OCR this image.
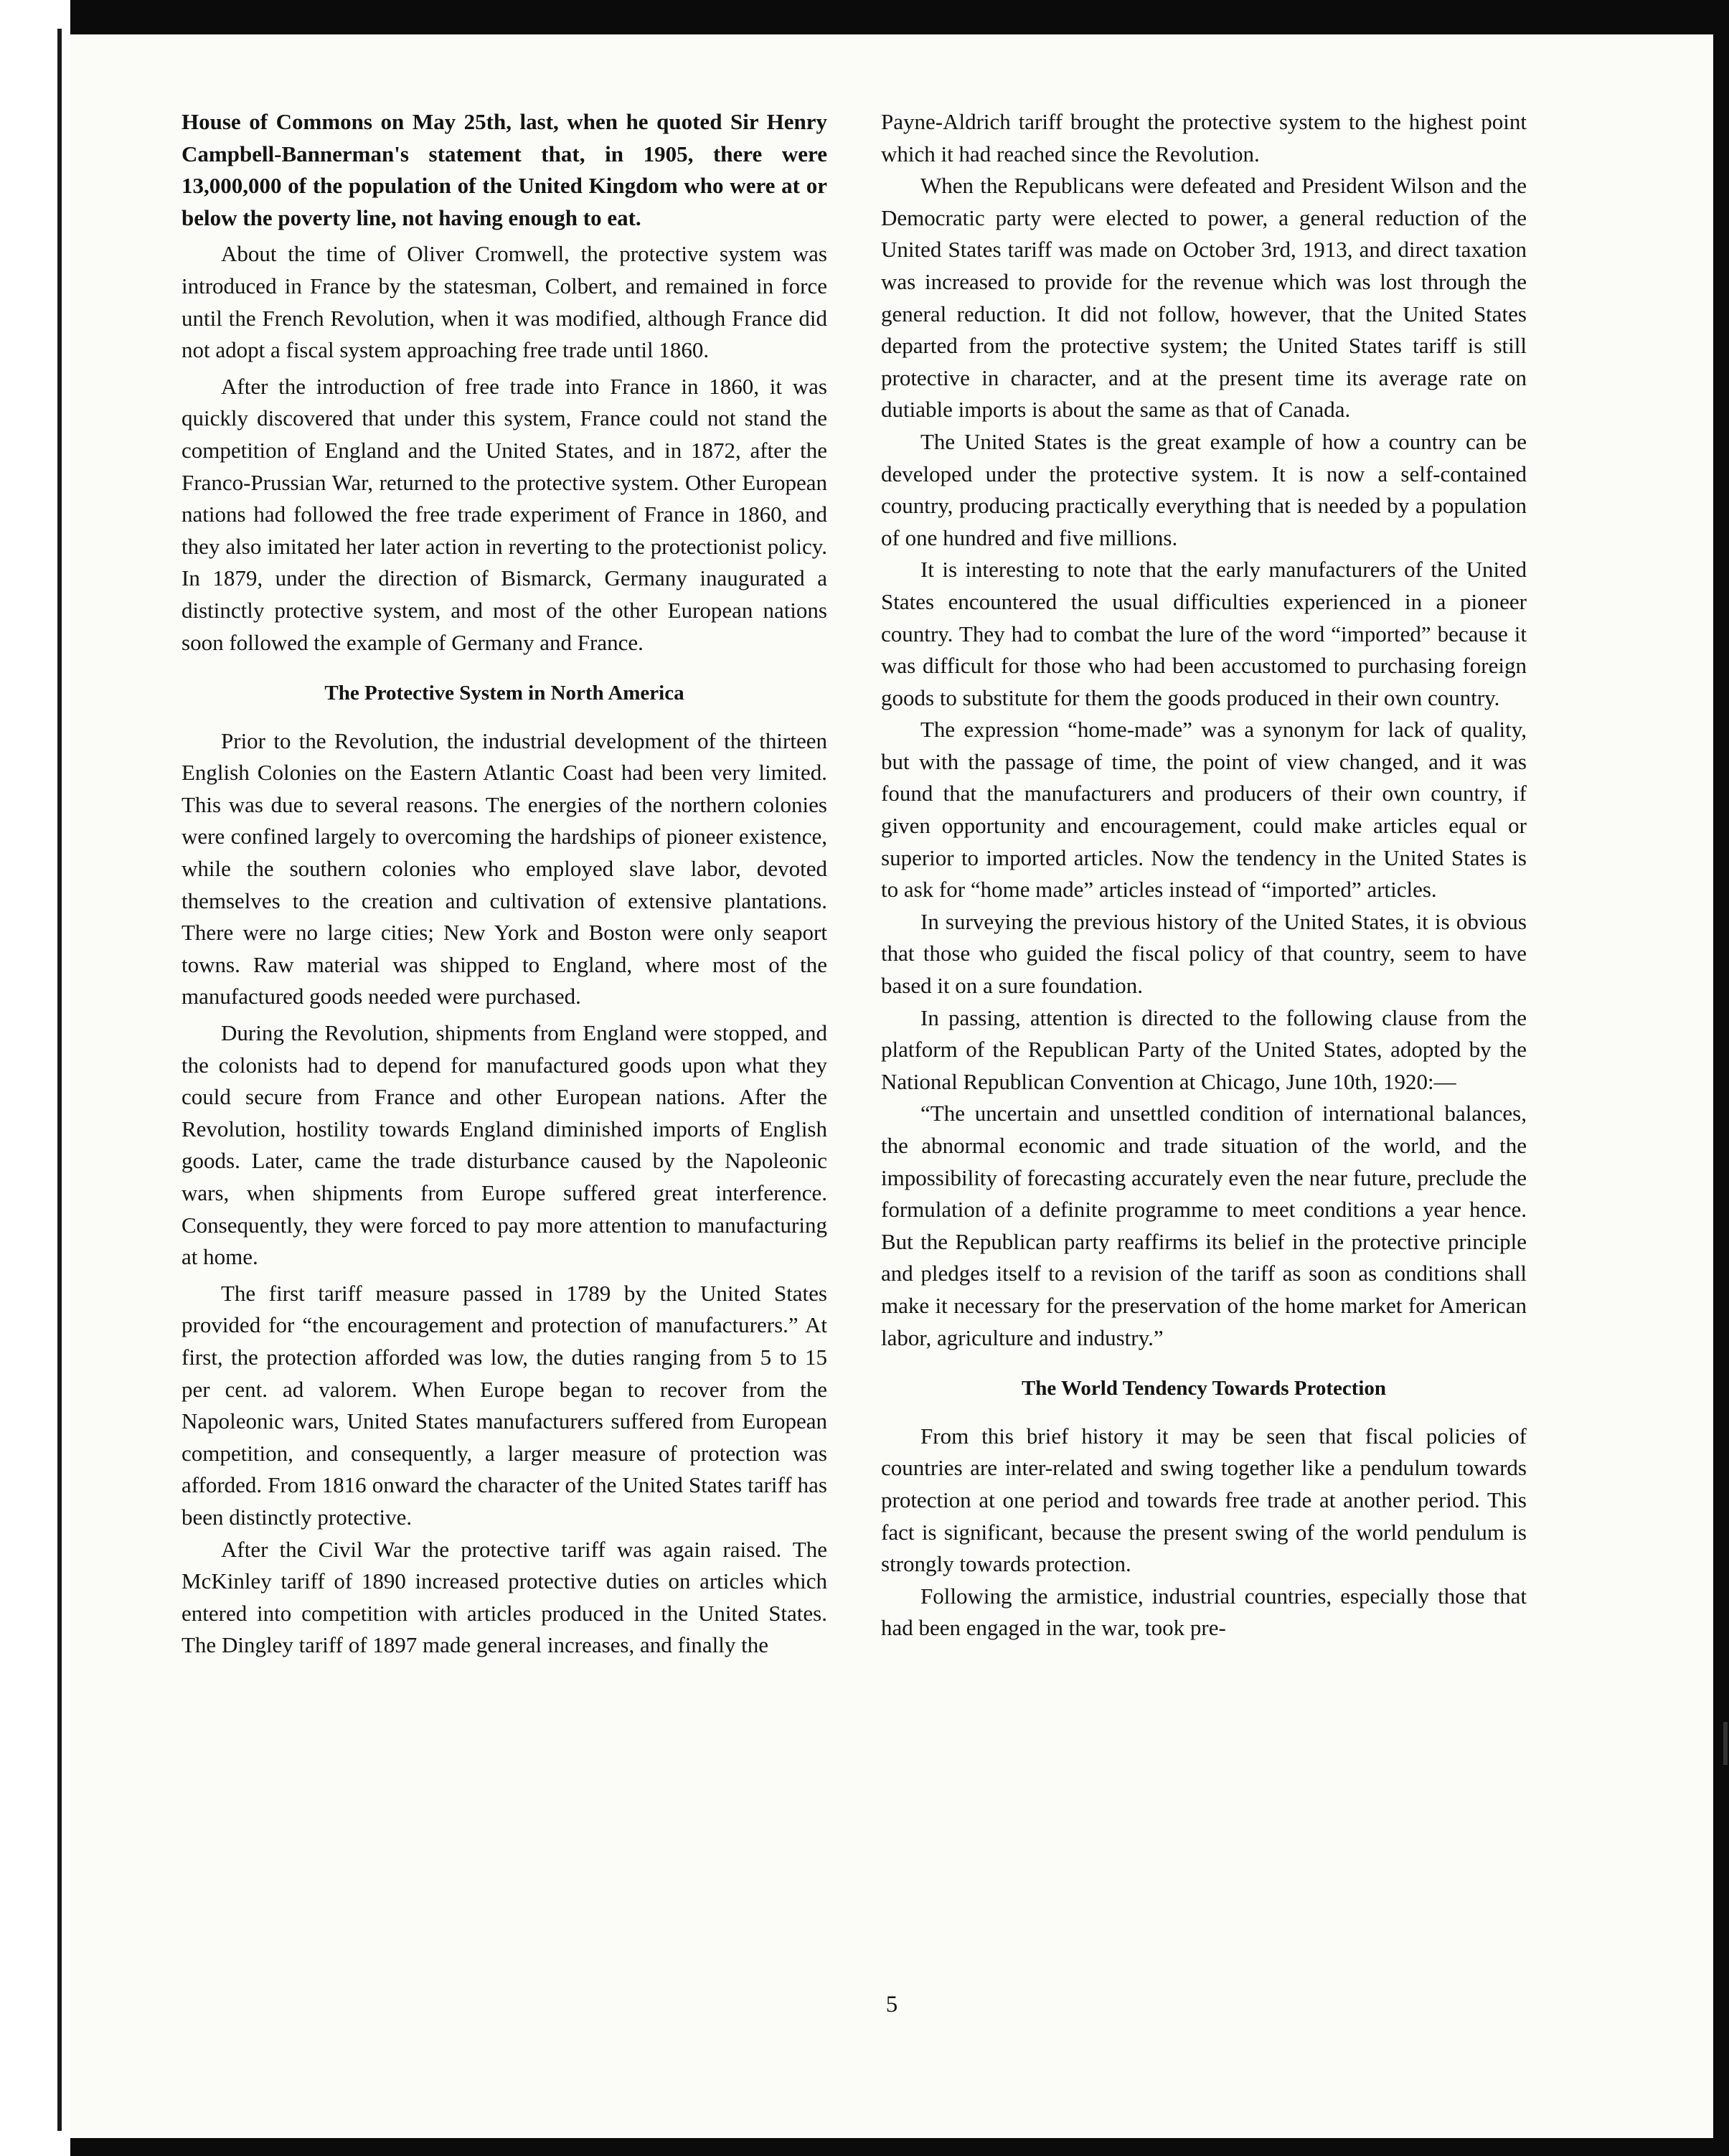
House of Commons on May 25th, last, when he quoted Sir Henry Campbell-Bannerman's statement that, in 1905, there were 13,000,000 of the population of the United Kingdom who were at or below the poverty line, not having enough to eat.

About the time of Oliver Cromwell, the protective system was introduced in France by the statesman, Colbert, and remained in force until the French Revolution, when it was modified, although France did not adopt a fiscal system approaching free trade until 1860.

After the introduction of free trade into France in 1860, it was quickly discovered that under this system, France could not stand the competition of England and the United States, and in 1872, after the Franco-Prussian War, returned to the protective system. Other European nations had followed the free trade experiment of France in 1860, and they also imitated her later action in reverting to the protectionist policy. In 1879, under the direction of Bismarck, Germany inaugurated a distinctly protective system, and most of the other European nations soon followed the example of Germany and France.

The Protective System in North America

Prior to the Revolution, the industrial development of the thirteen English Colonies on the Eastern Atlantic Coast had been very limited. This was due to several reasons. The energies of the northern colonies were confined largely to overcoming the hardships of pioneer existence, while the southern colonies who employed slave labor, devoted themselves to the creation and cultivation of extensive plantations. There were no large cities; New York and Boston were only seaport towns. Raw material was shipped to England, where most of the manufactured goods needed were purchased.

During the Revolution, shipments from England were stopped, and the colonists had to depend for manufactured goods upon what they could secure from France and other European nations. After the Revolution, hostility towards England diminished imports of English goods. Later, came the trade disturbance caused by the Napoleonic wars, when shipments from Europe suffered great interference. Consequently, they were forced to pay more attention to manufacturing at home.

The first tariff measure passed in 1789 by the United States provided for “the encouragement and protection of manufacturers.” At first, the protection afforded was low, the duties ranging from 5 to 15 per cent. ad valorem. When Europe began to recover from the Napoleonic wars, United States manufacturers suffered from European competition, and consequently, a larger measure of protection was afforded. From 1816 onward the character of the United States tariff has been distinctly protective.

After the Civil War the protective tariff was again raised. The McKinley tariff of 1890 increased protective duties on articles which entered into competition with articles produced in the United States. The Dingley tariff of 1897 made general increases, and finally the

Payne-Aldrich tariff brought the protective system to the highest point which it had reached since the Revolution.

When the Republicans were defeated and President Wilson and the Democratic party were elected to power, a general reduction of the United States tariff was made on October 3rd, 1913, and direct taxation was increased to provide for the revenue which was lost through the general reduction. It did not follow, however, that the United States departed from the protective system; the United States tariff is still protective in character, and at the present time its average rate on dutiable imports is about the same as that of Canada.

The United States is the great example of how a country can be developed under the protective system. It is now a self-contained country, producing practically everything that is needed by a population of one hundred and five millions.

It is interesting to note that the early manufacturers of the United States encountered the usual difficulties experienced in a pioneer country. They had to combat the lure of the word “imported” because it was difficult for those who had been accustomed to purchasing foreign goods to substitute for them the goods produced in their own country.

The expression “home-made” was a synonym for lack of quality, but with the passage of time, the point of view changed, and it was found that the manufacturers and producers of their own country, if given opportunity and encouragement, could make articles equal or superior to imported articles. Now the tendency in the United States is to ask for “home made” articles instead of “imported” articles.

In surveying the previous history of the United States, it is obvious that those who guided the fiscal policy of that country, seem to have based it on a sure foundation.

In passing, attention is directed to the following clause from the platform of the Republican Party of the United States, adopted by the National Republican Convention at Chicago, June 10th, 1920:—

“The uncertain and unsettled condition of international balances, the abnormal economic and trade situation of the world, and the impossibility of forecasting accurately even the near future, preclude the formulation of a definite programme to meet conditions a year hence. But the Republican party reaffirms its belief in the protective principle and pledges itself to a revision of the tariff as soon as conditions shall make it necessary for the preservation of the home market for American labor, agriculture and industry.”

The World Tendency Towards Protection

From this brief history it may be seen that fiscal policies of countries are inter-related and swing together like a pendulum towards protection at one period and towards free trade at another period. This fact is significant, because the present swing of the world pendulum is strongly towards protection.

Following the armistice, industrial countries, especially those that had been engaged in the war, took pre-

5
